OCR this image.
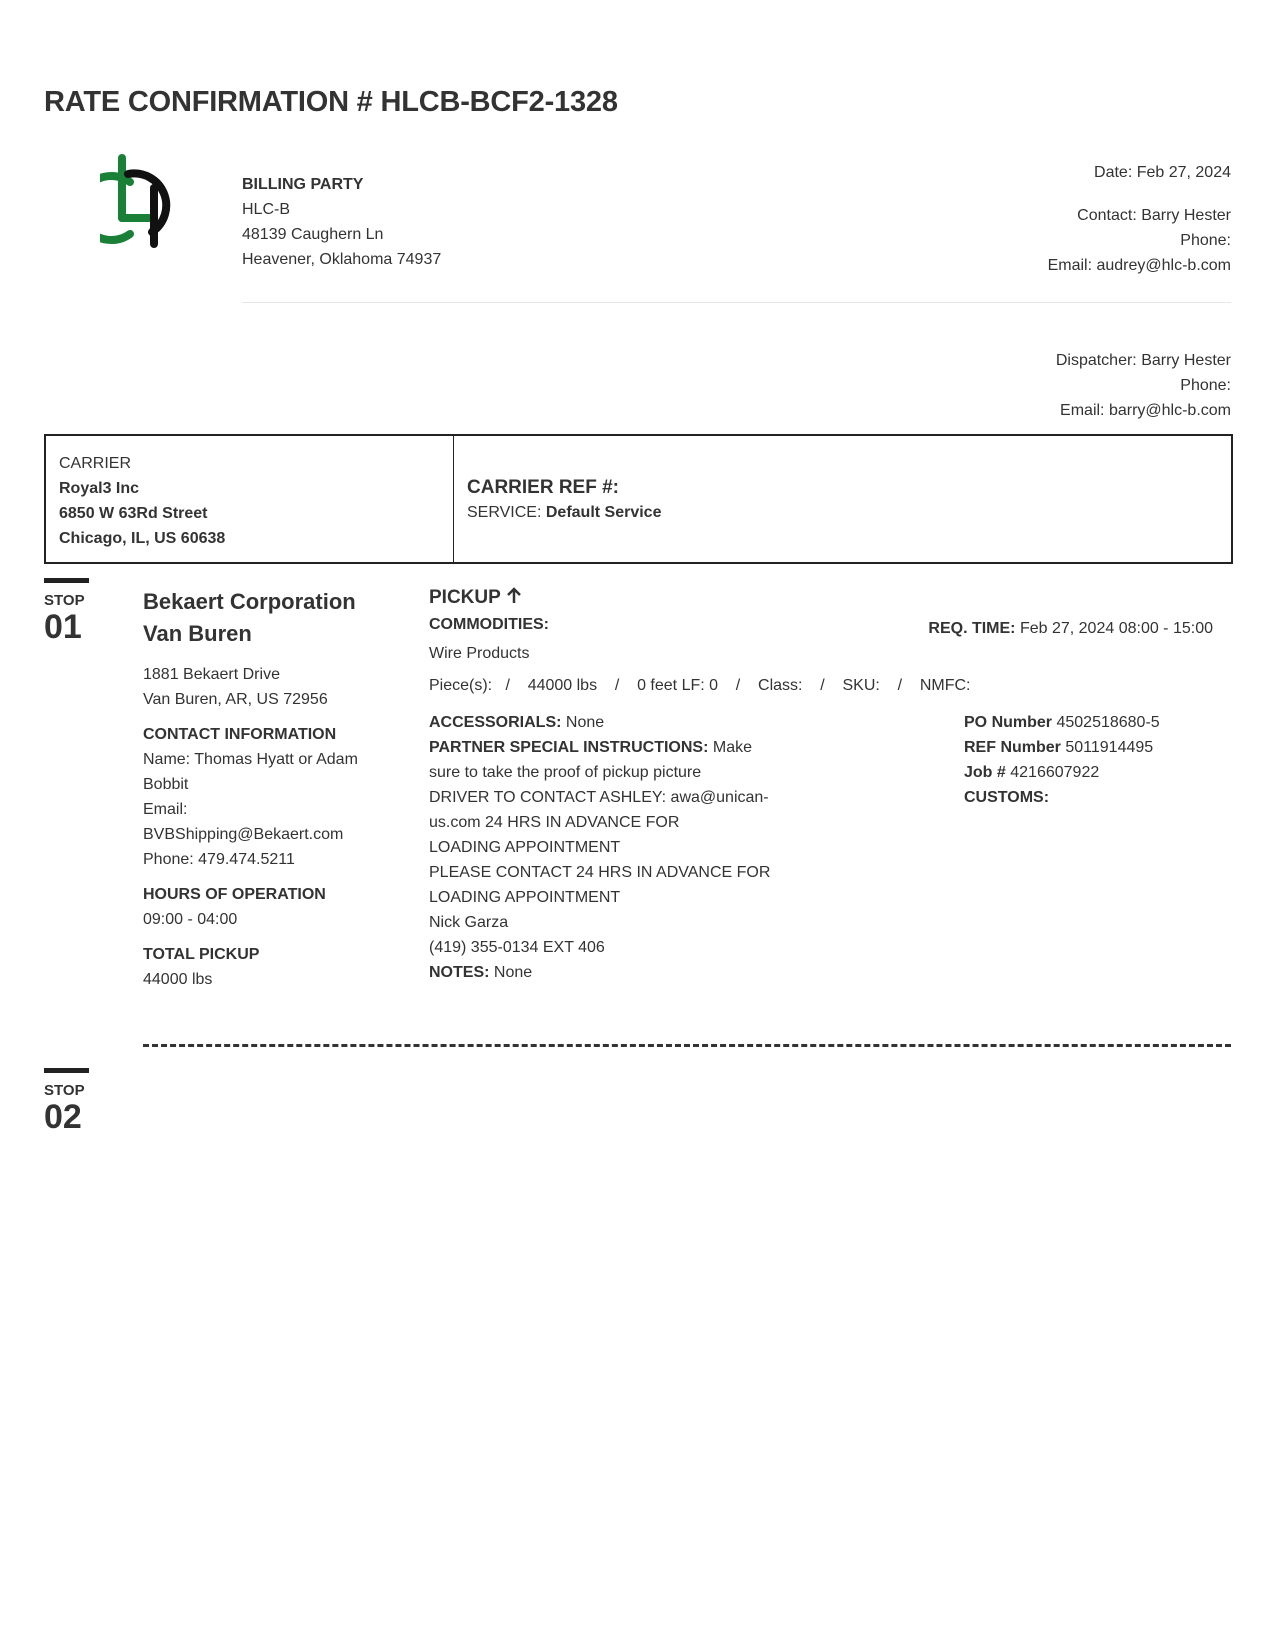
RATE CONFIRMATION # HLCB-BCF2-1328
BILLING PARTY
HLC-B
48139 Caughern Ln
Heavener, Oklahoma 74937
Date: Feb 27, 2024
Contact: Barry Hester
Phone:
Email: audrey@hlc-b.com
Dispatcher: Barry Hester
Phone:
Email: barry@hlc-b.com
CARRIER
Royal3 Inc
6850 W 63Rd Street
Chicago, IL, US 60638
CARRIER REF #:
SERVICE: Default Service
STOP
01
Bekaert Corporation
Van Buren
1881 Bekaert Drive
Van Buren, AR, US 72956
CONTACT INFORMATION
Name: Thomas Hyatt or Adam
Bobbit
Email:
BVBShipping@Bekaert.com
Phone: 479.474.5211
HOURS OF OPERATION
09:00 - 04:00
TOTAL PICKUP
44000 lbs
PICKUP
COMMODITIES:
Wire Products
Piece(s):   /    44000 lbs    /    0 feet LF: 0    /    Class:    /    SKU:    /    NMFC:
REQ. TIME: Feb 27, 2024 08:00 - 15:00
ACCESSORIALS: None
PARTNER SPECIAL INSTRUCTIONS: Make
sure to take the proof of pickup picture
DRIVER TO CONTACT ASHLEY: awa@unican-
us.com 24 HRS IN ADVANCE FOR
LOADING APPOINTMENT
PLEASE CONTACT 24 HRS IN ADVANCE FOR
LOADING APPOINTMENT
Nick Garza
(419) 355-0134 EXT 406
NOTES: None
PO Number 4502518680-5
REF Number 5011914495
Job # 4216607922
CUSTOMS:
STOP
02
